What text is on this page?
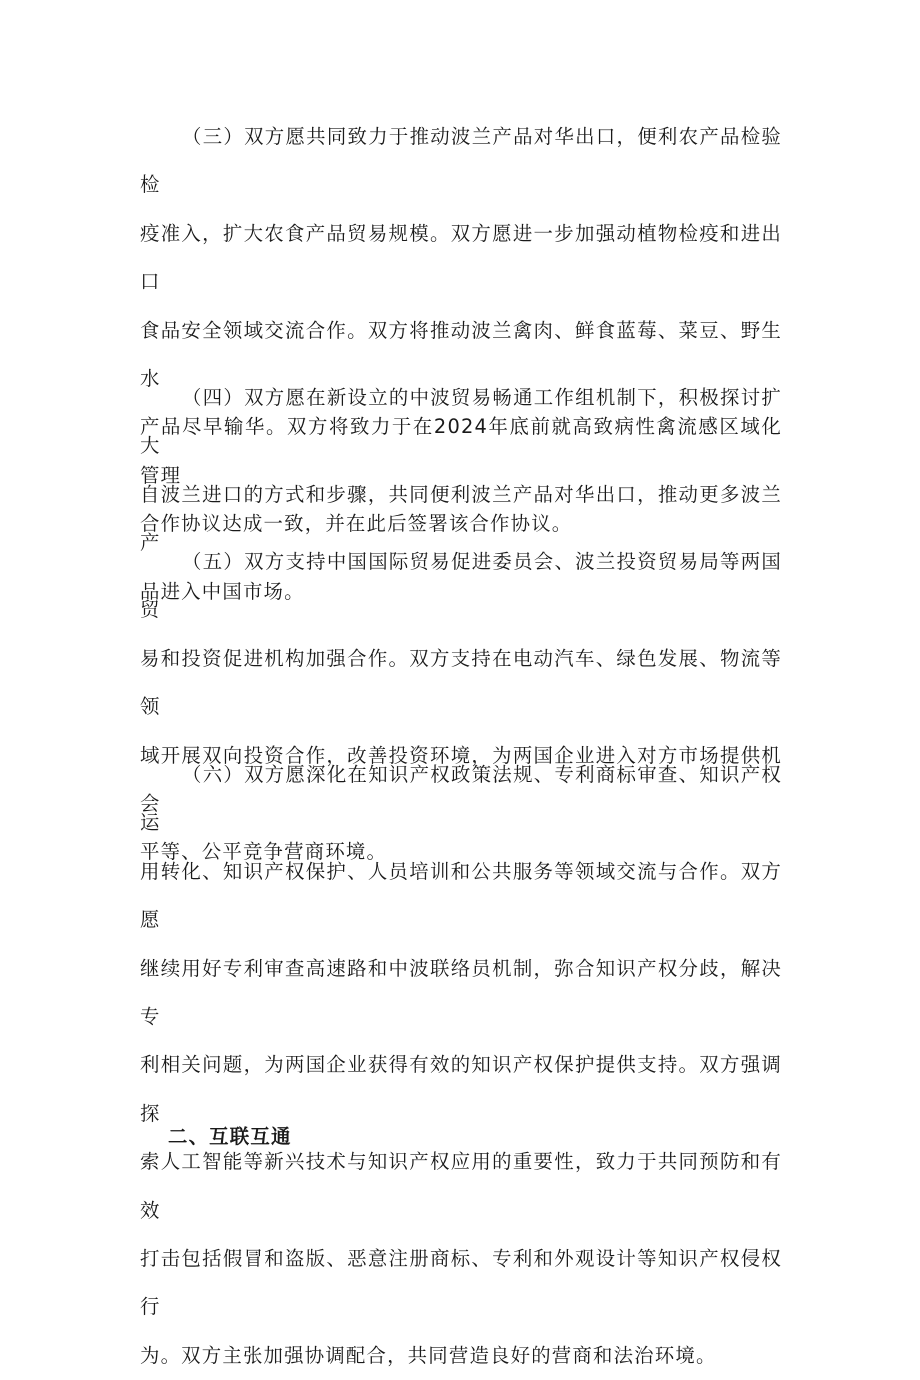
（三）双方愿共同致力于推动波兰产品对华出口，便利农产品检验检
疫准入，扩大农食产品贸易规模。双方愿进一步加强动植物检疫和进出口
食品安全领域交流合作。双方将推动波兰禽肉、鲜食蓝莓、菜豆、野生水
产品尽早输华。双方将致力于在2024年底前就高致病性禽流感区域化管理
合作协议达成一致，并在此后签署该合作协议。

（四）双方愿在新设立的中波贸易畅通工作组机制下，积极探讨扩大
自波兰进口的方式和步骤，共同便利波兰产品对华出口，推动更多波兰产
品进入中国市场。

（五）双方支持中国国际贸易促进委员会、波兰投资贸易局等两国贸
易和投资促进机构加强合作。双方支持在电动汽车、绿色发展、物流等领
域开展双向投资合作，改善投资环境，为两国企业进入对方市场提供机会
平等、公平竞争营商环境。

（六）双方愿深化在知识产权政策法规、专利商标审查、知识产权运
用转化、知识产权保护、人员培训和公共服务等领域交流与合作。双方愿
继续用好专利审查高速路和中波联络员机制，弥合知识产权分歧，解决专
利相关问题，为两国企业获得有效的知识产权保护提供支持。双方强调探
索人工智能等新兴技术与知识产权应用的重要性，致力于共同预防和有效
打击包括假冒和盗版、恶意注册商标、专利和外观设计等知识产权侵权行
为。双方主张加强协调配合，共同营造良好的营商和法治环境。

二、互联互通
